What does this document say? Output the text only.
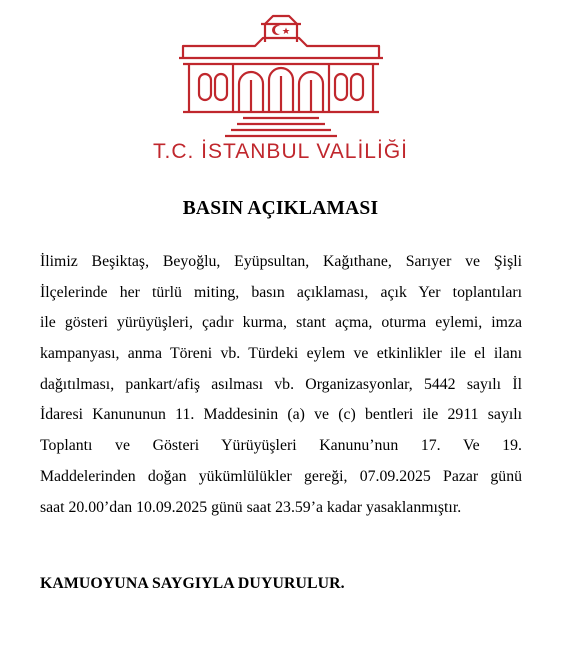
T.C. İSTANBUL VALİLİĞİ
BASIN AÇIKLAMASI
İlimiz Beşiktaş, Beyoğlu, Eyüpsultan, Kağıthane, Sarıyer ve Şişli
İlçelerinde her türlü miting, basın açıklaması, açık Yer toplantıları
ile gösteri yürüyüşleri, çadır kurma, stant açma, oturma eylemi, imza
kampanyası, anma Töreni vb. Türdeki eylem ve etkinlikler ile el ilanı
dağıtılması, pankart/afiş asılması vb. Organizasyonlar, 5442 sayılı İl
İdaresi Kanununun 11. Maddesinin (a) ve (c) bentleri ile 2911 sayılı
Toplantı ve Gösteri Yürüyüşleri Kanunu’nun 17. Ve 19.
Maddelerinden doğan yükümlülükler gereği, 07.09.2025 Pazar günü
saat 20.00’dan 10.09.2025 günü saat 23.59’a kadar yasaklanmıştır.
KAMUOYUNA SAYGIYLA DUYURULUR.
